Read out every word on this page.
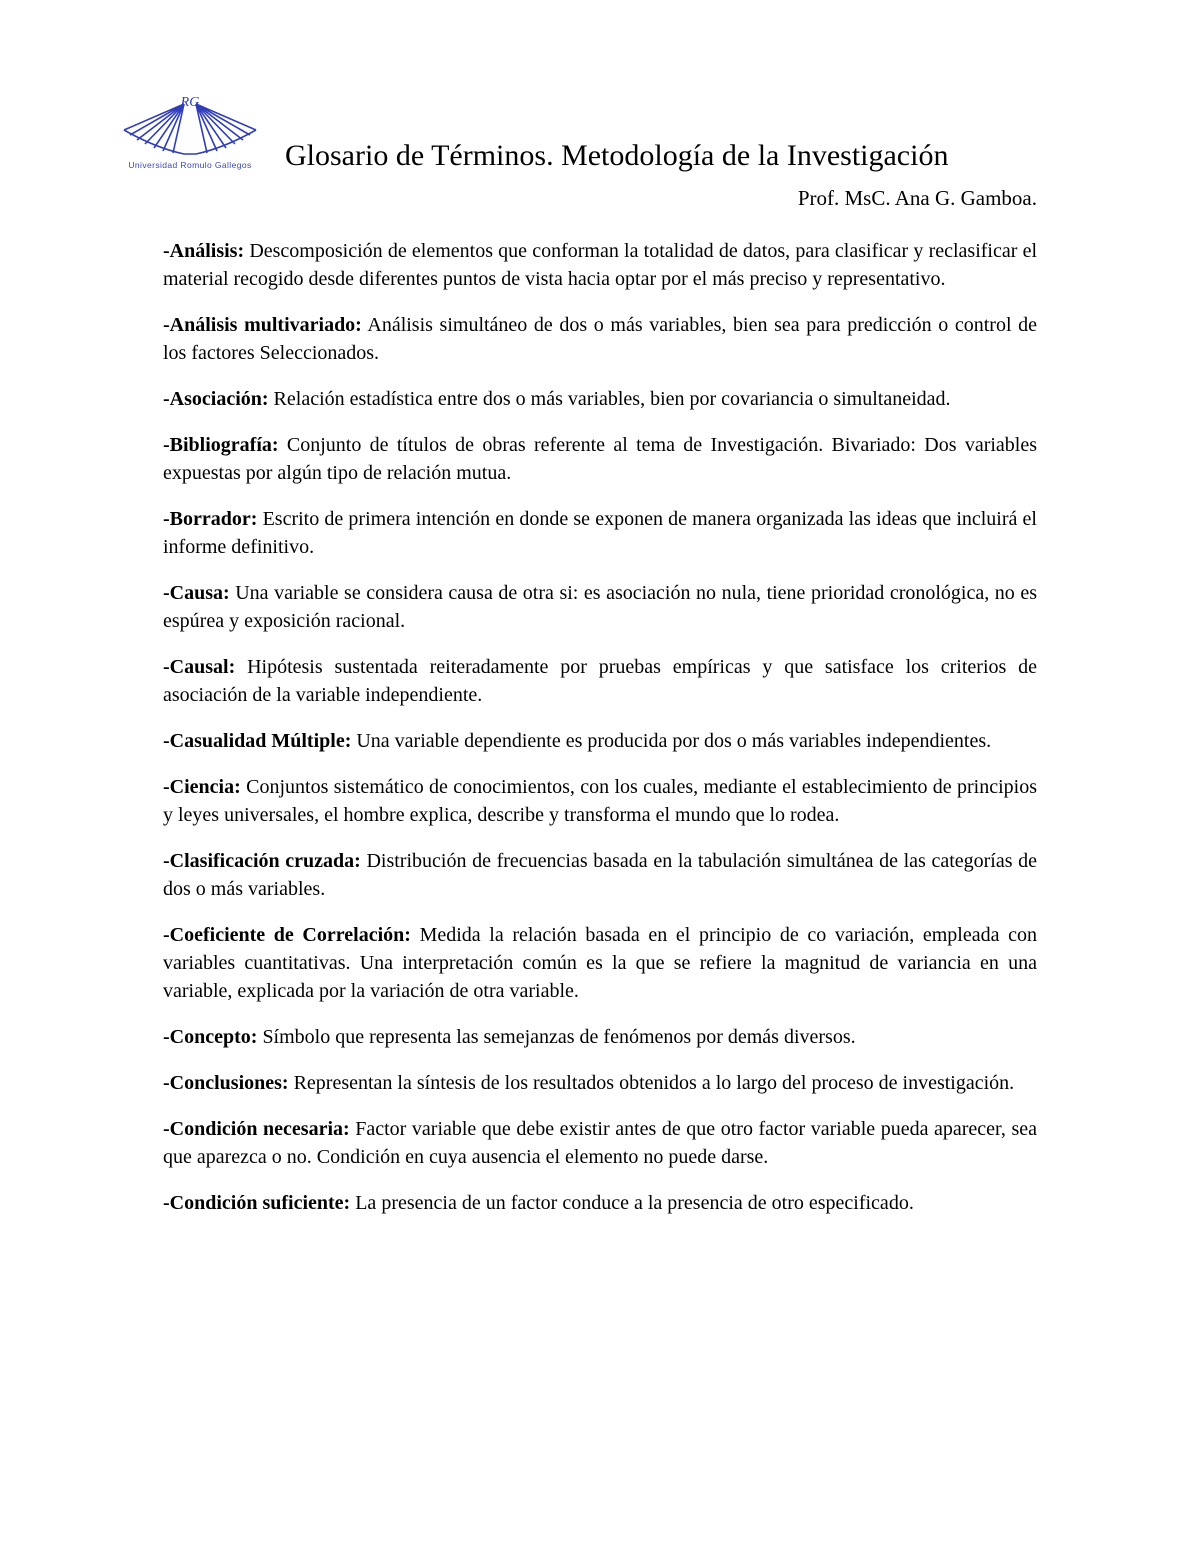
RG
Universidad Romulo Gallegos	Glosario de Términos. Metodología de la Investigación
Prof. MsC. Ana G. Gamboa.

-Análisis: Descomposición de elementos que conforman la totalidad de datos, para clasificar y reclasificar el material recogido desde diferentes puntos de vista hacia optar por el más preciso y representativo.

-Análisis multivariado: Análisis simultáneo de dos o más variables, bien sea para predicción o control de los factores Seleccionados.

-Asociación: Relación estadística entre dos o más variables, bien por covariancia o simultaneidad.

-Bibliografía: Conjunto de títulos de obras referente al tema de Investigación. Bivariado: Dos variables expuestas por algún tipo de relación mutua.

-Borrador: Escrito de primera intención en donde se exponen de manera organizada las ideas que incluirá el informe definitivo.

-Causa: Una variable se considera causa de otra si: es asociación no nula, tiene prioridad cronológica, no es espúrea y exposición racional.

-Causal: Hipótesis sustentada reiteradamente por pruebas empíricas y que satisface los criterios de asociación de la variable independiente.

-Casualidad Múltiple: Una variable dependiente es producida por dos o más variables independientes.

-Ciencia: Conjuntos sistemático de conocimientos, con los cuales, mediante el establecimiento de principios y leyes universales, el hombre explica, describe y transforma el mundo que lo rodea.

-Clasificación cruzada: Distribución de frecuencias basada en la tabulación simultánea de las categorías de dos o más variables.

-Coeficiente de Correlación: Medida la relación basada en el principio de co variación, empleada con variables cuantitativas. Una interpretación común es la que se refiere la magnitud de variancia en una variable, explicada por la variación de otra variable.

-Concepto: Símbolo que representa las semejanzas de fenómenos por demás diversos.

-Conclusiones: Representan la síntesis de los resultados obtenidos a lo largo del proceso de investigación.

-Condición necesaria: Factor variable que debe existir antes de que otro factor variable pueda aparecer, sea que aparezca o no. Condición en cuya ausencia el elemento no puede darse.

-Condición suficiente: La presencia de un factor conduce a la presencia de otro especificado.
